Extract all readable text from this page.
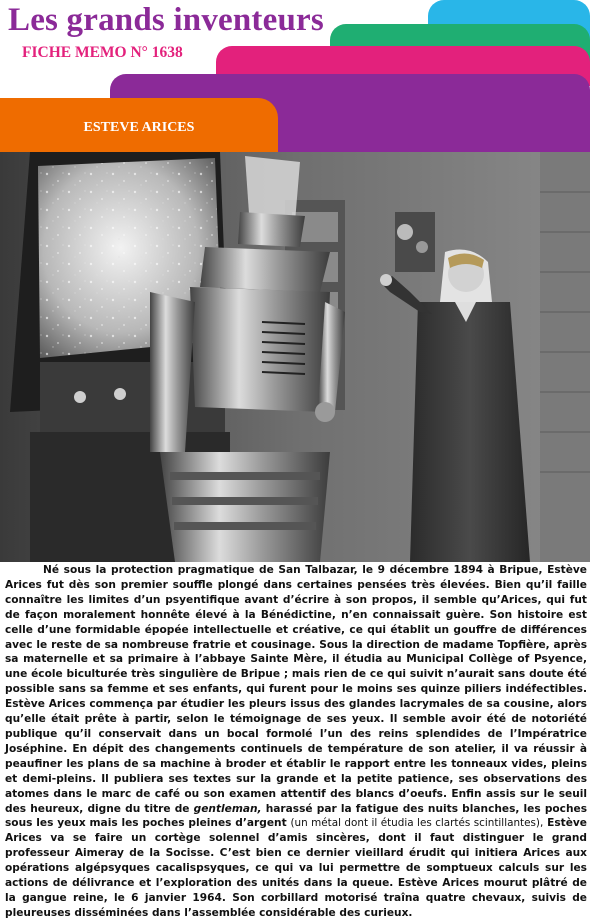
Les grands inventeurs
FICHE MEMO N° 1638
ESTEVE ARICES

Né sous la protection pragmatique de San Talbazar, le 9 décembre 1894 à Bripue, Estève Arices fut dès son premier souffle plongé dans certaines pensées très élevées. Bien qu’il faille connaître les limites d’un psyentifique avant d’écrire à son propos, il semble qu’Arices, qui fut de façon moralement honnête élevé à la Bénédictine, n’en connaissait guère. Son histoire est celle d’une formidable épopée intellectuelle et créative, ce qui établit un gouffre de différences avec le reste de sa nombreuse fratrie et cousinage. Sous la direction de madame Topfière, après sa maternelle et sa primaire à l’abbaye Sainte Mère, il étudia au Municipal Collège of Psyence, une école biculturée très singulière de Bripue ; mais rien de ce qui suivit n’aurait sans doute été possible sans sa femme et ses enfants, qui furent pour le moins ses quinze piliers indéfectibles. Estève Arices commença par étudier les pleurs issus des glandes lacrymales de sa cousine, alors qu’elle était prête à partir, selon le témoignage de ses yeux. Il semble avoir été de notoriété publique qu’il conservait dans un bocal formolé l’un des reins splendides de l’Impératrice Joséphine. En dépit des changements continuels de température de son atelier, il va réussir à peaufiner les plans de sa machine à broder et établir le rapport entre les tonneaux vides, pleins et demi-pleins. Il publiera ses textes sur la grande et la petite patience, ses observations des atomes dans le marc de café ou son examen attentif des blancs d’oeufs. Enfin assis sur le seuil des heureux, digne du titre de gentleman, harassé par la fatigue des nuits blanches, les poches sous les yeux mais les poches pleines d’argent (un métal dont il étudia les clartés scintillantes), Estève Arices va se faire un cortège solennel d’amis sincères, dont il faut distinguer le grand professeur Aimeray de la Socisse. C’est bien ce dernier vieillard érudit qui initiera Arices aux opérations algépsyques cacalispsyques, ce qui va lui permettre de somptueux calculs sur les actions de délivrance et l’exploration des unités dans la queue. Estève Arices mourut plâtré de la gangue reine, le 6 janvier 1964. Son corbillard motorisé traîna quatre chevaux, suivis de pleureuses disséminées dans l’assemblée considérable des curieux.
